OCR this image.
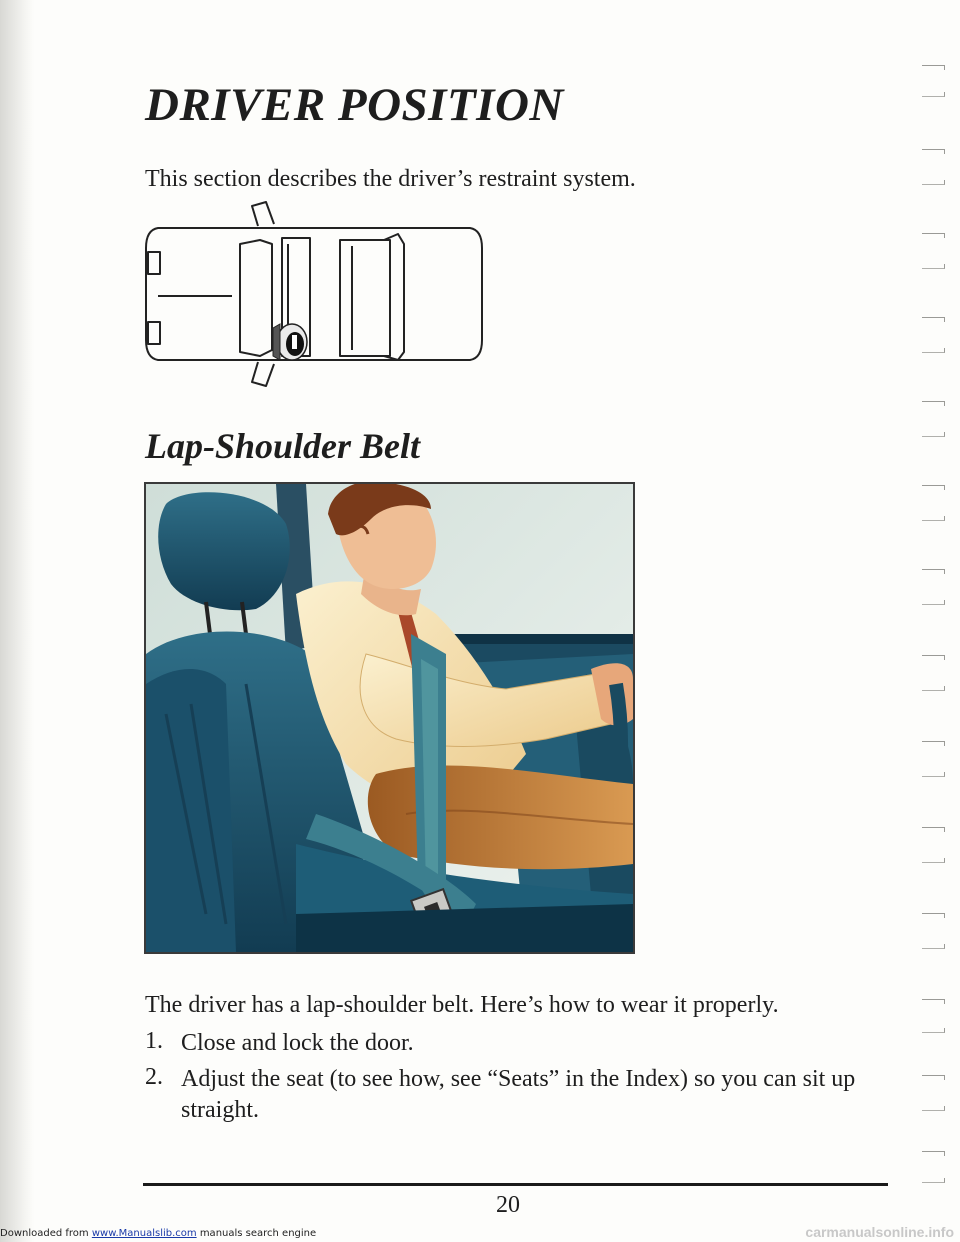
DRIVER POSITION

This section describes the driver’s restraint system.

Lap-Shoulder Belt

The driver has a lap-shoulder belt. Here’s how to wear it properly.

1. Close and lock the door.
2. Adjust the seat (to see how, see “Seats” in the Index) so you can sit up straight.
20
Downloaded from www.Manualslib.com manuals search engine	carmanualsonline.info
